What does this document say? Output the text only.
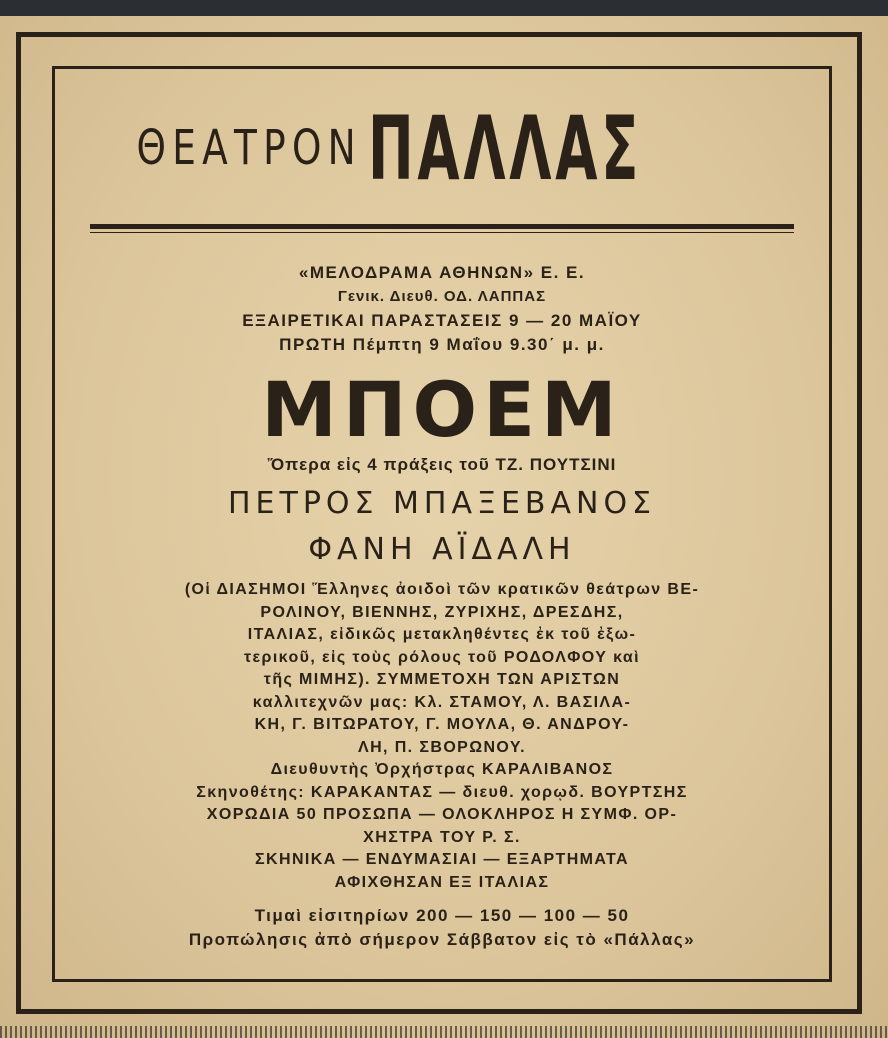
ΘΕΑΤΡΟΝ ΠΑΛΛΑΣ
«ΜΕΛΟΔΡΑΜΑ ΑΘΗΝΩΝ» Ε. Ε.
Γενικ. Διευθ. ΟΔ. ΛΑΠΠΑΣ
ΕΞΑΙΡΕΤΙΚΑΙ ΠΑΡΑΣΤΑΣΕΙΣ 9 — 20 ΜΑΪΟΥ
ΠΡΩΤΗ Πέμπτη 9 Μαΐου 9.30΄ μ. μ.
ΜΠΟΕΜ
Ὄπερα εἰς 4 πράξεις τοῦ ΤΖ. ΠΟΥΤΣΙΝΙ
ΠΕΤΡΟΣ ΜΠΑΞΕΒΑΝΟΣ
ΦΑΝΗ ΑΪΔΑΛΗ
(Οἱ ΔΙΑΣΗΜΟΙ Ἕλληνες ἀοιδοὶ τῶν κρατικῶν θεάτρων ΒΕ-
ΡΟΛΙΝΟΥ, ΒΙΕΝΝΗΣ, ΖΥΡΙΧΗΣ, ΔΡΕΣΔΗΣ,
ΙΤΑΛΙΑΣ, εἰδικῶς μετακληθέντες ἐκ τοῦ ἐξω-
τερικοῦ, εἰς τοὺς ρόλους τοῦ ΡΟΔΟΛΦΟΥ καὶ
τῆς ΜΙΜΗΣ). ΣΥΜΜΕΤΟΧΗ ΤΩΝ ΑΡΙΣΤΩΝ
καλλιτεχνῶν μας: Κλ. ΣΤΑΜΟΥ, Λ. ΒΑΣΙΛΑ-
ΚΗ, Γ. ΒΙΤΩΡΑΤΟΥ, Γ. ΜΟΥΛΑ, Θ. ΑΝΔΡΟΥ-
ΛΗ, Π. ΣΒΟΡΩΝΟΥ.
Διευθυντὴς Ὀρχήστρας ΚΑΡΑΛΙΒΑΝΟΣ
Σκηνοθέτης: ΚΑΡΑΚΑΝΤΑΣ — διευθ. χορῳδ. ΒΟΥΡΤΣΗΣ
ΧΟΡΩΔΙΑ 50 ΠΡΟΣΩΠΑ — ΟΛΟΚΛΗΡΟΣ Η ΣΥΜΦ. ΟΡ-
ΧΗΣΤΡΑ ΤΟΥ Ρ. Σ.
ΣΚΗΝΙΚΑ — ΕΝΔΥΜΑΣΙΑΙ — ΕΞΑΡΤΗΜΑΤΑ
ΑΦΙΧΘΗΣΑΝ ΕΞ ΙΤΑΛΙΑΣ
Τιμαὶ εἰσιτηρίων 200 — 150 — 100 — 50
Προπώλησις ἀπὸ σήμερον Σάββατον εἰς τὸ «Πάλλας»
